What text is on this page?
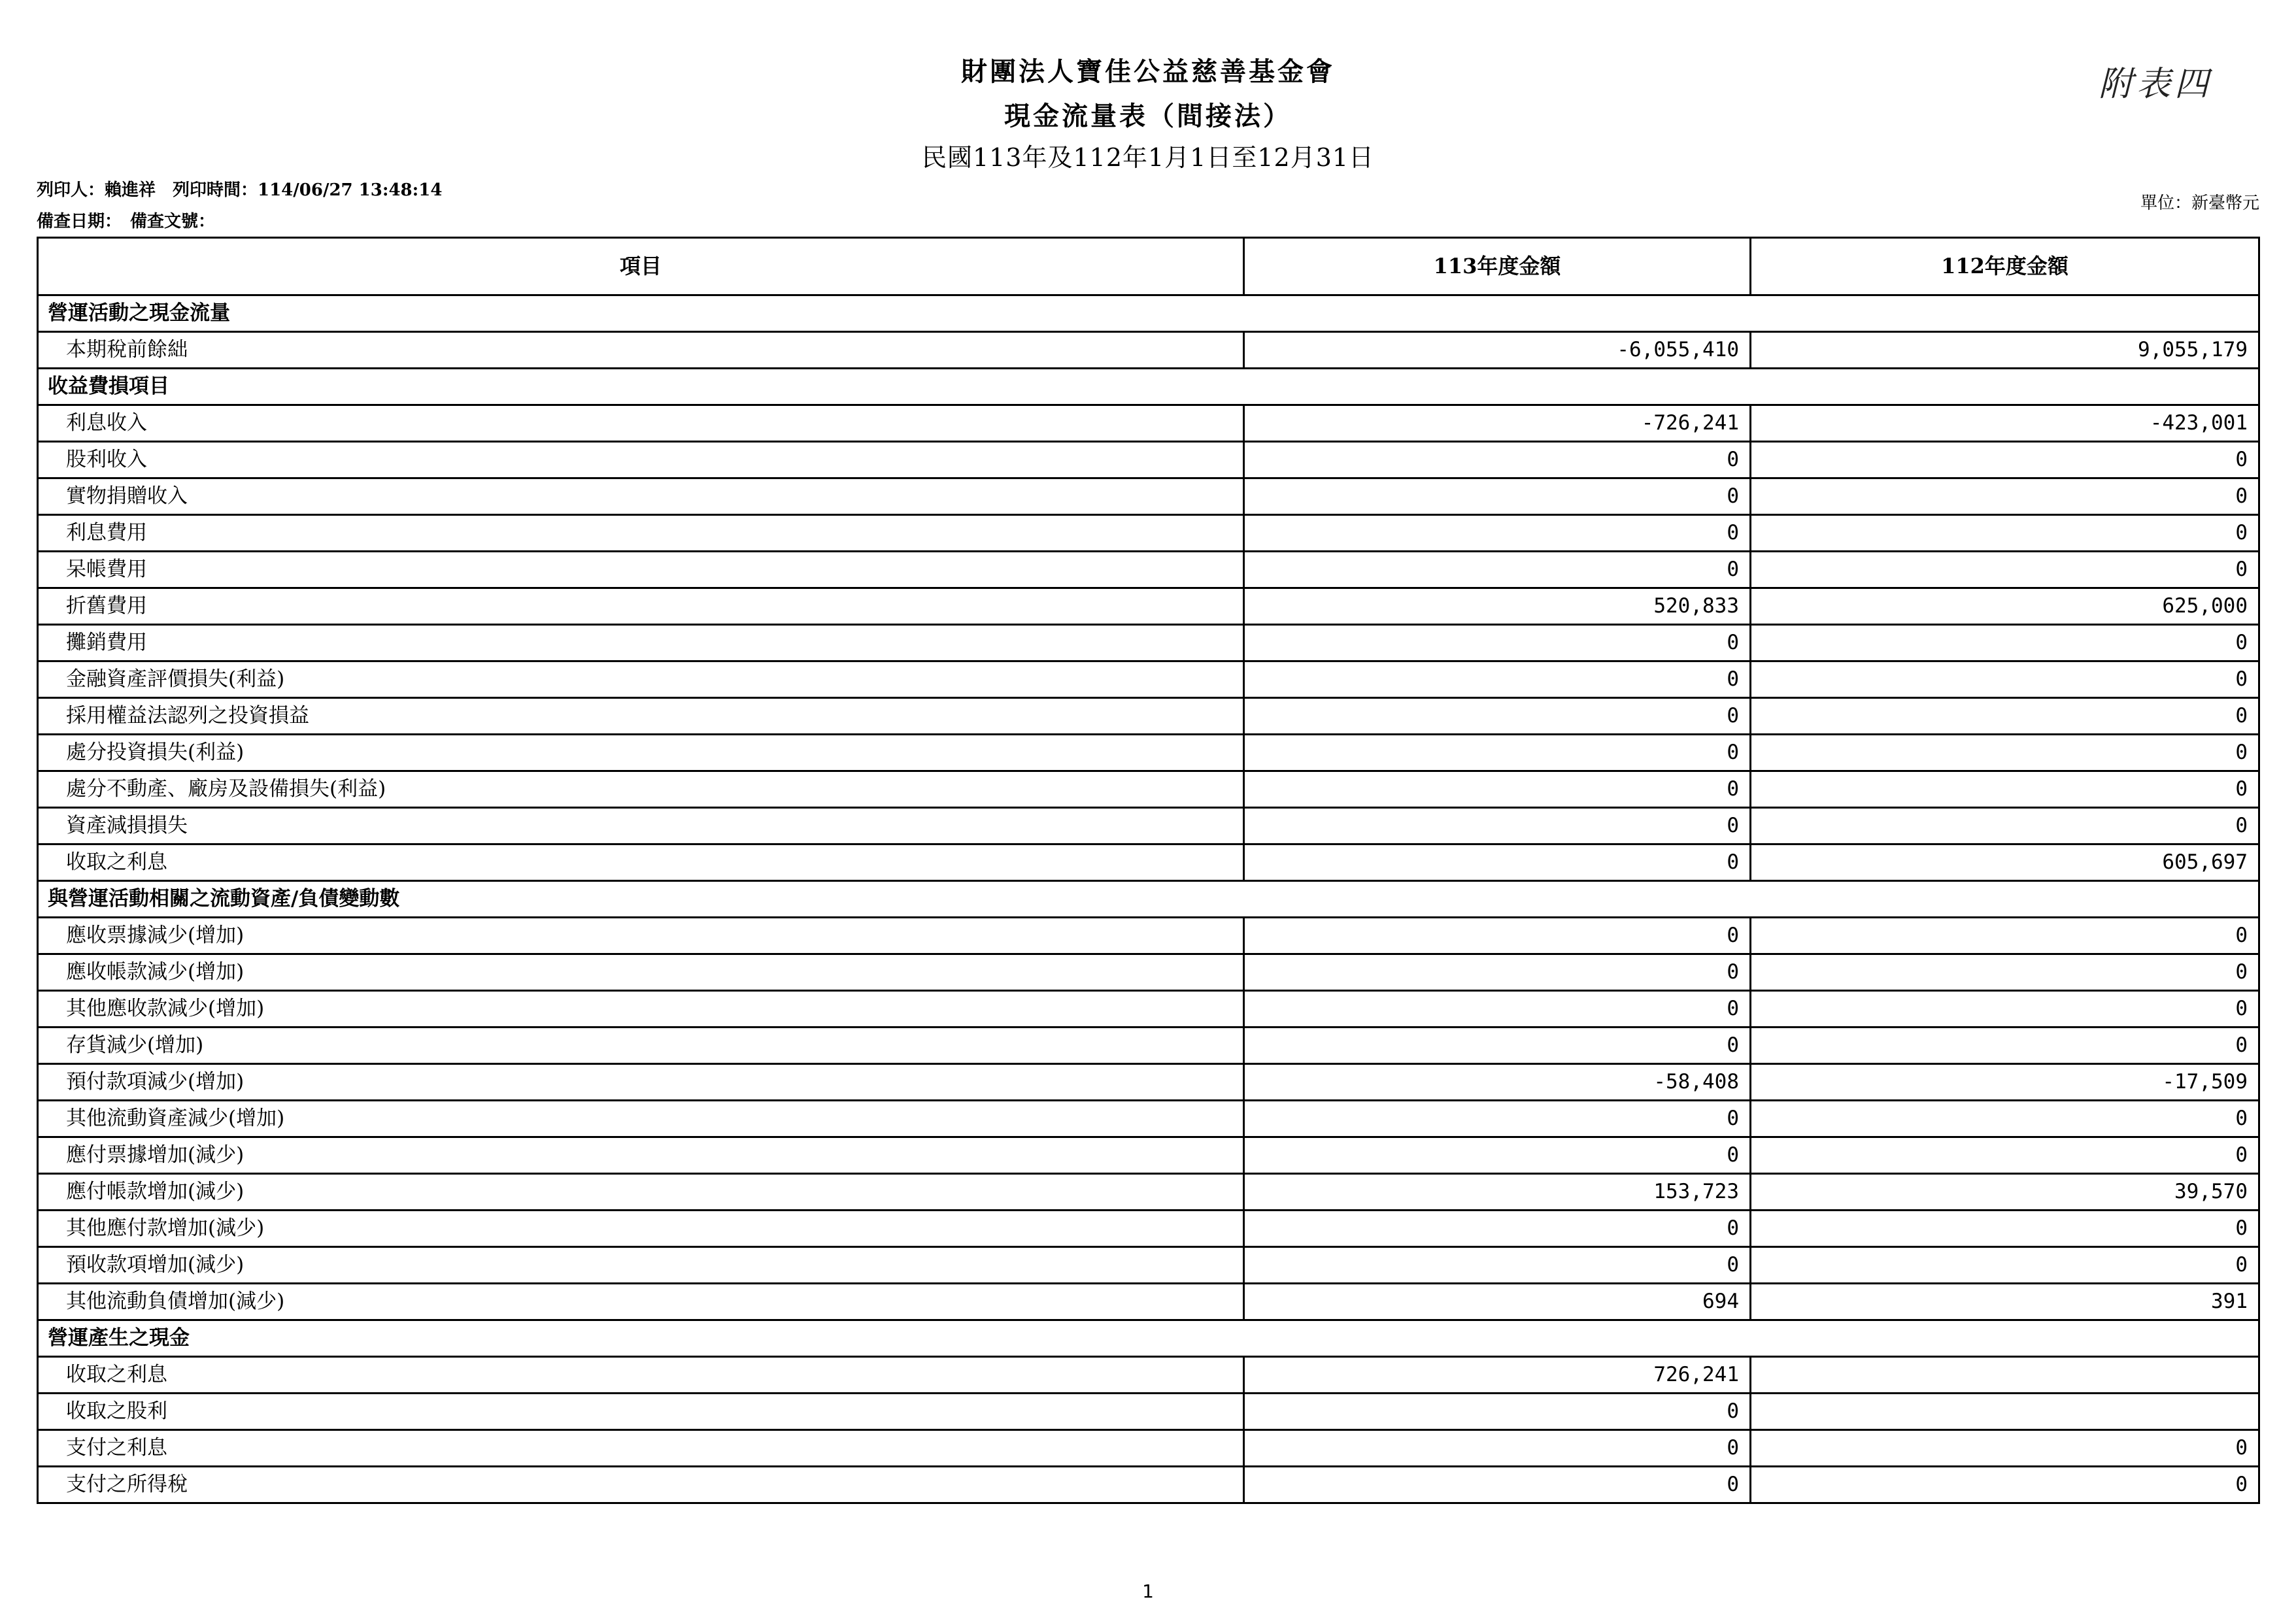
財團法人寶佳公益慈善基金會
現金流量表（間接法）
民國113年及112年1月1日至12月31日
附表四
列印人：賴進祥　列印時間：114/06/27 13:48:14
備查日期：　備查文號：
單位：新臺幣元
項目	113年度金額	112年度金額
營運活動之現金流量		
本期稅前餘絀	-6,055,410	9,055,179
收益費損項目		
利息收入	-726,241	-423,001
股利收入	0	0
實物捐贈收入	0	0
利息費用	0	0
呆帳費用	0	0
折舊費用	520,833	625,000
攤銷費用	0	0
金融資產評價損失(利益)	0	0
採用權益法認列之投資損益	0	0
處分投資損失(利益)	0	0
處分不動產、廠房及設備損失(利益)	0	0
資產減損損失	0	0
收取之利息	0	605,697
與營運活動相關之流動資產/負債變動數		
應收票據減少(增加)	0	0
應收帳款減少(增加)	0	0
其他應收款減少(增加)	0	0
存貨減少(增加)	0	0
預付款項減少(增加)	-58,408	-17,509
其他流動資產減少(增加)	0	0
應付票據增加(減少)	0	0
應付帳款增加(減少)	153,723	39,570
其他應付款增加(減少)	0	0
預收款項增加(減少)	0	0
其他流動負債增加(減少)	694	391
營運產生之現金		
收取之利息	726,241	
收取之股利	0	
支付之利息	0	0
支付之所得稅	0	0
1
